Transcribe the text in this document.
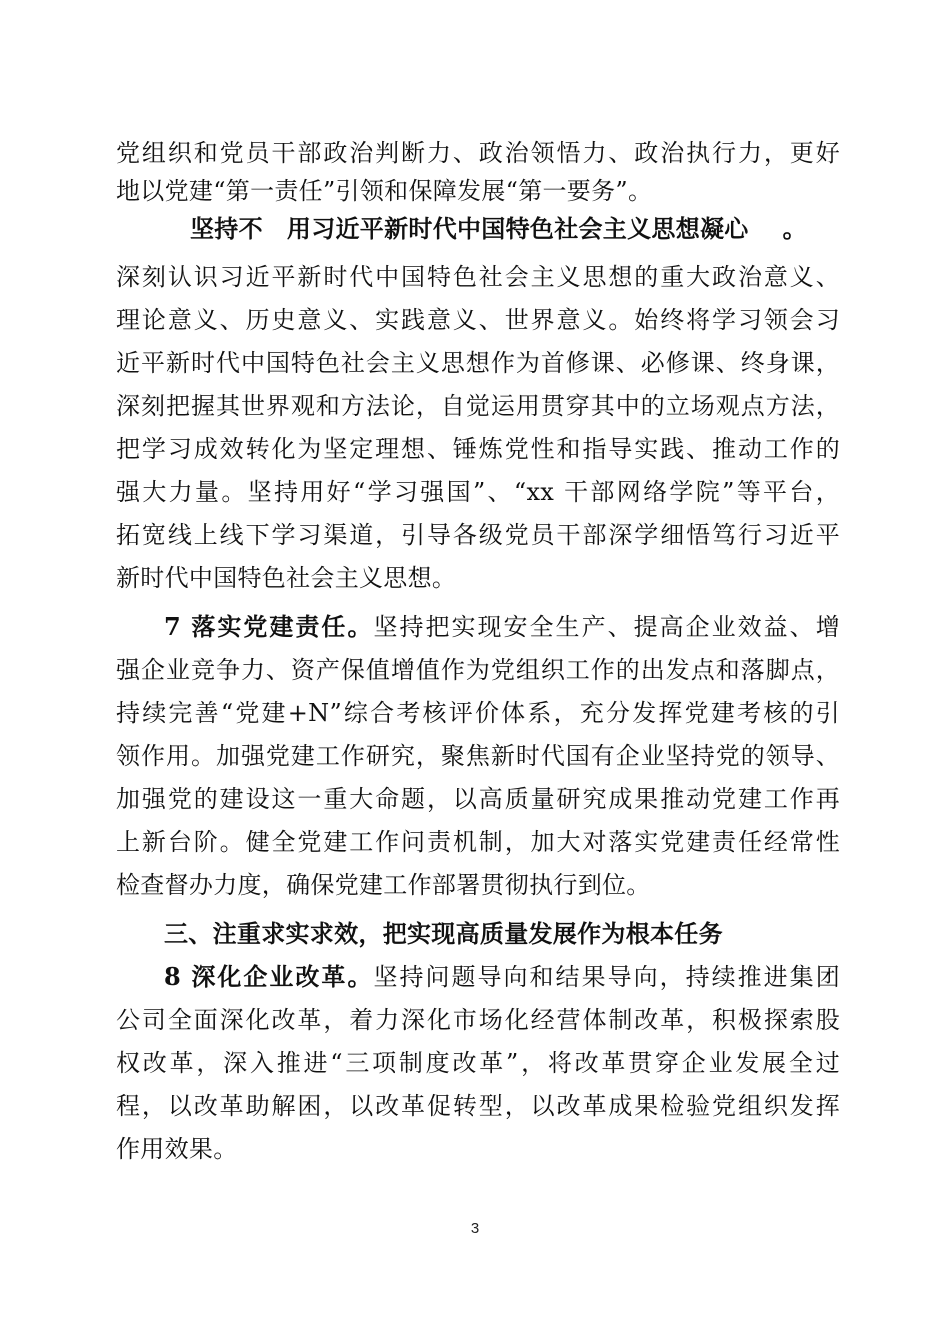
党组织和党员干部政治判断力、政治领悟力、政治执行力，更好
地以党建“第一责任”引领和保障发展“第一要务”。
坚持不 用习近平新时代中国特色社会主义思想凝心 。
深刻认识习近平新时代中国特色社会主义思想的重大政治意义、
理论意义、历史意义、实践意义、世界意义。始终将学习领会习
近平新时代中国特色社会主义思想作为首修课、必修课、终身课，
深刻把握其世界观和方法论，自觉运用贯穿其中的立场观点方法，
把学习成效转化为坚定理想、锤炼党性和指导实践、推动工作的
强大力量。坚持用好“学习强国”、“xx 干部网络学院”等平台，
拓宽线上线下学习渠道，引导各级党员干部深学细悟笃行习近平
新时代中国特色社会主义思想。
7 落实党建责任。坚持把实现安全生产、提高企业效益、增
强企业竞争力、资产保值增值作为党组织工作的出发点和落脚点，
持续完善“党建+N”综合考核评价体系，充分发挥党建考核的引
领作用。加强党建工作研究，聚焦新时代国有企业坚持党的领导、
加强党的建设这一重大命题，以高质量研究成果推动党建工作再
上新台阶。健全党建工作问责机制，加大对落实党建责任经常性
检查督办力度，确保党建工作部署贯彻执行到位。
三、注重求实求效，把实现高质量发展作为根本任务
8 深化企业改革。坚持问题导向和结果导向，持续推进集团
公司全面深化改革，着力深化市场化经营体制改革，积极探索股
权改革，深入推进“三项制度改革”，将改革贯穿企业发展全过
程，以改革助解困，以改革促转型，以改革成果检验党组织发挥
作用效果。
3
